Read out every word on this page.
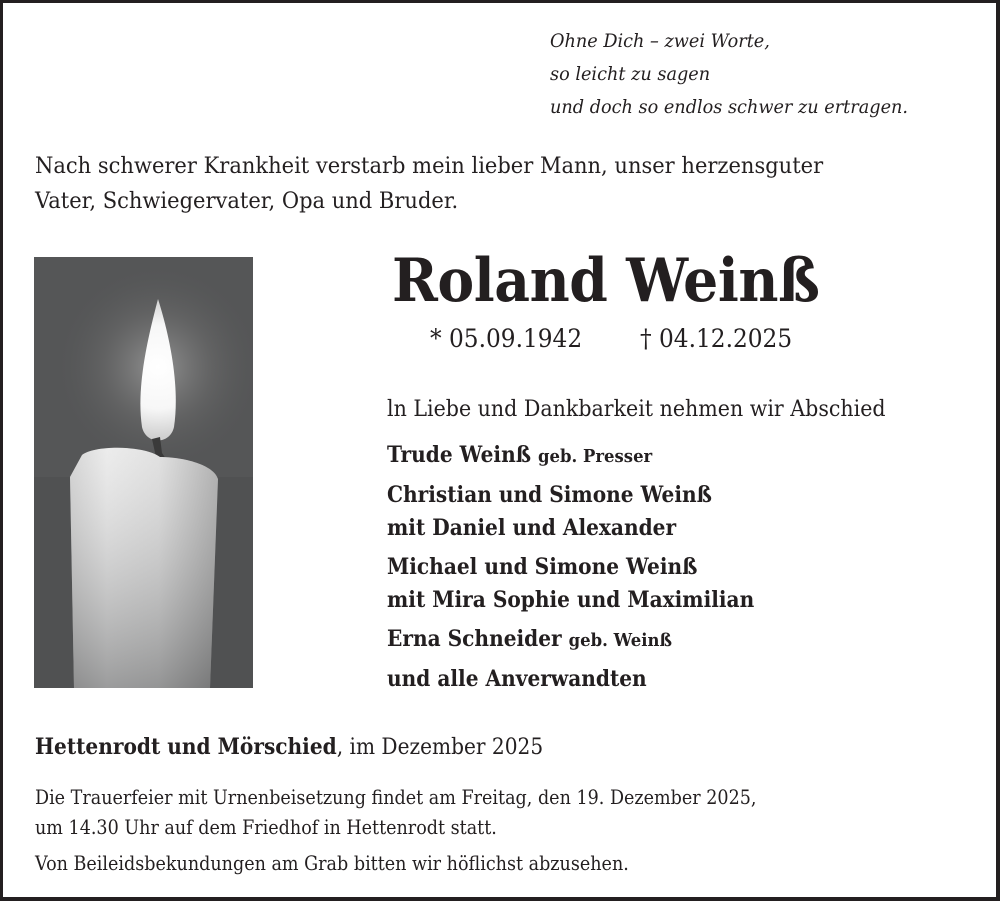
Ohne Dich – zwei Worte,
so leicht zu sagen
und doch so endlos schwer zu ertragen.
Nach schwerer Krankheit verstarb mein lieber Mann, unser herzensguter
Vater, Schwiegervater, Opa und Bruder.
Roland Weinß
* 05.09.1942 † 04.12.2025
ln Liebe und Dankbarkeit nehmen wir Abschied
Trude Weinß geb. Presser
Christian und Simone Weinß
mit Daniel und Alexander
Michael und Simone Weinß
mit Mira Sophie und Maximilian
Erna Schneider geb. Weinß
und alle Anverwandten
Hettenrodt und Mörschied, im Dezember 2025
Die Trauerfeier mit Urnenbeisetzung findet am Freitag, den 19. Dezember 2025,
um 14.30 Uhr auf dem Friedhof in Hettenrodt statt.
Von Beileidsbekundungen am Grab bitten wir höflichst abzusehen.
